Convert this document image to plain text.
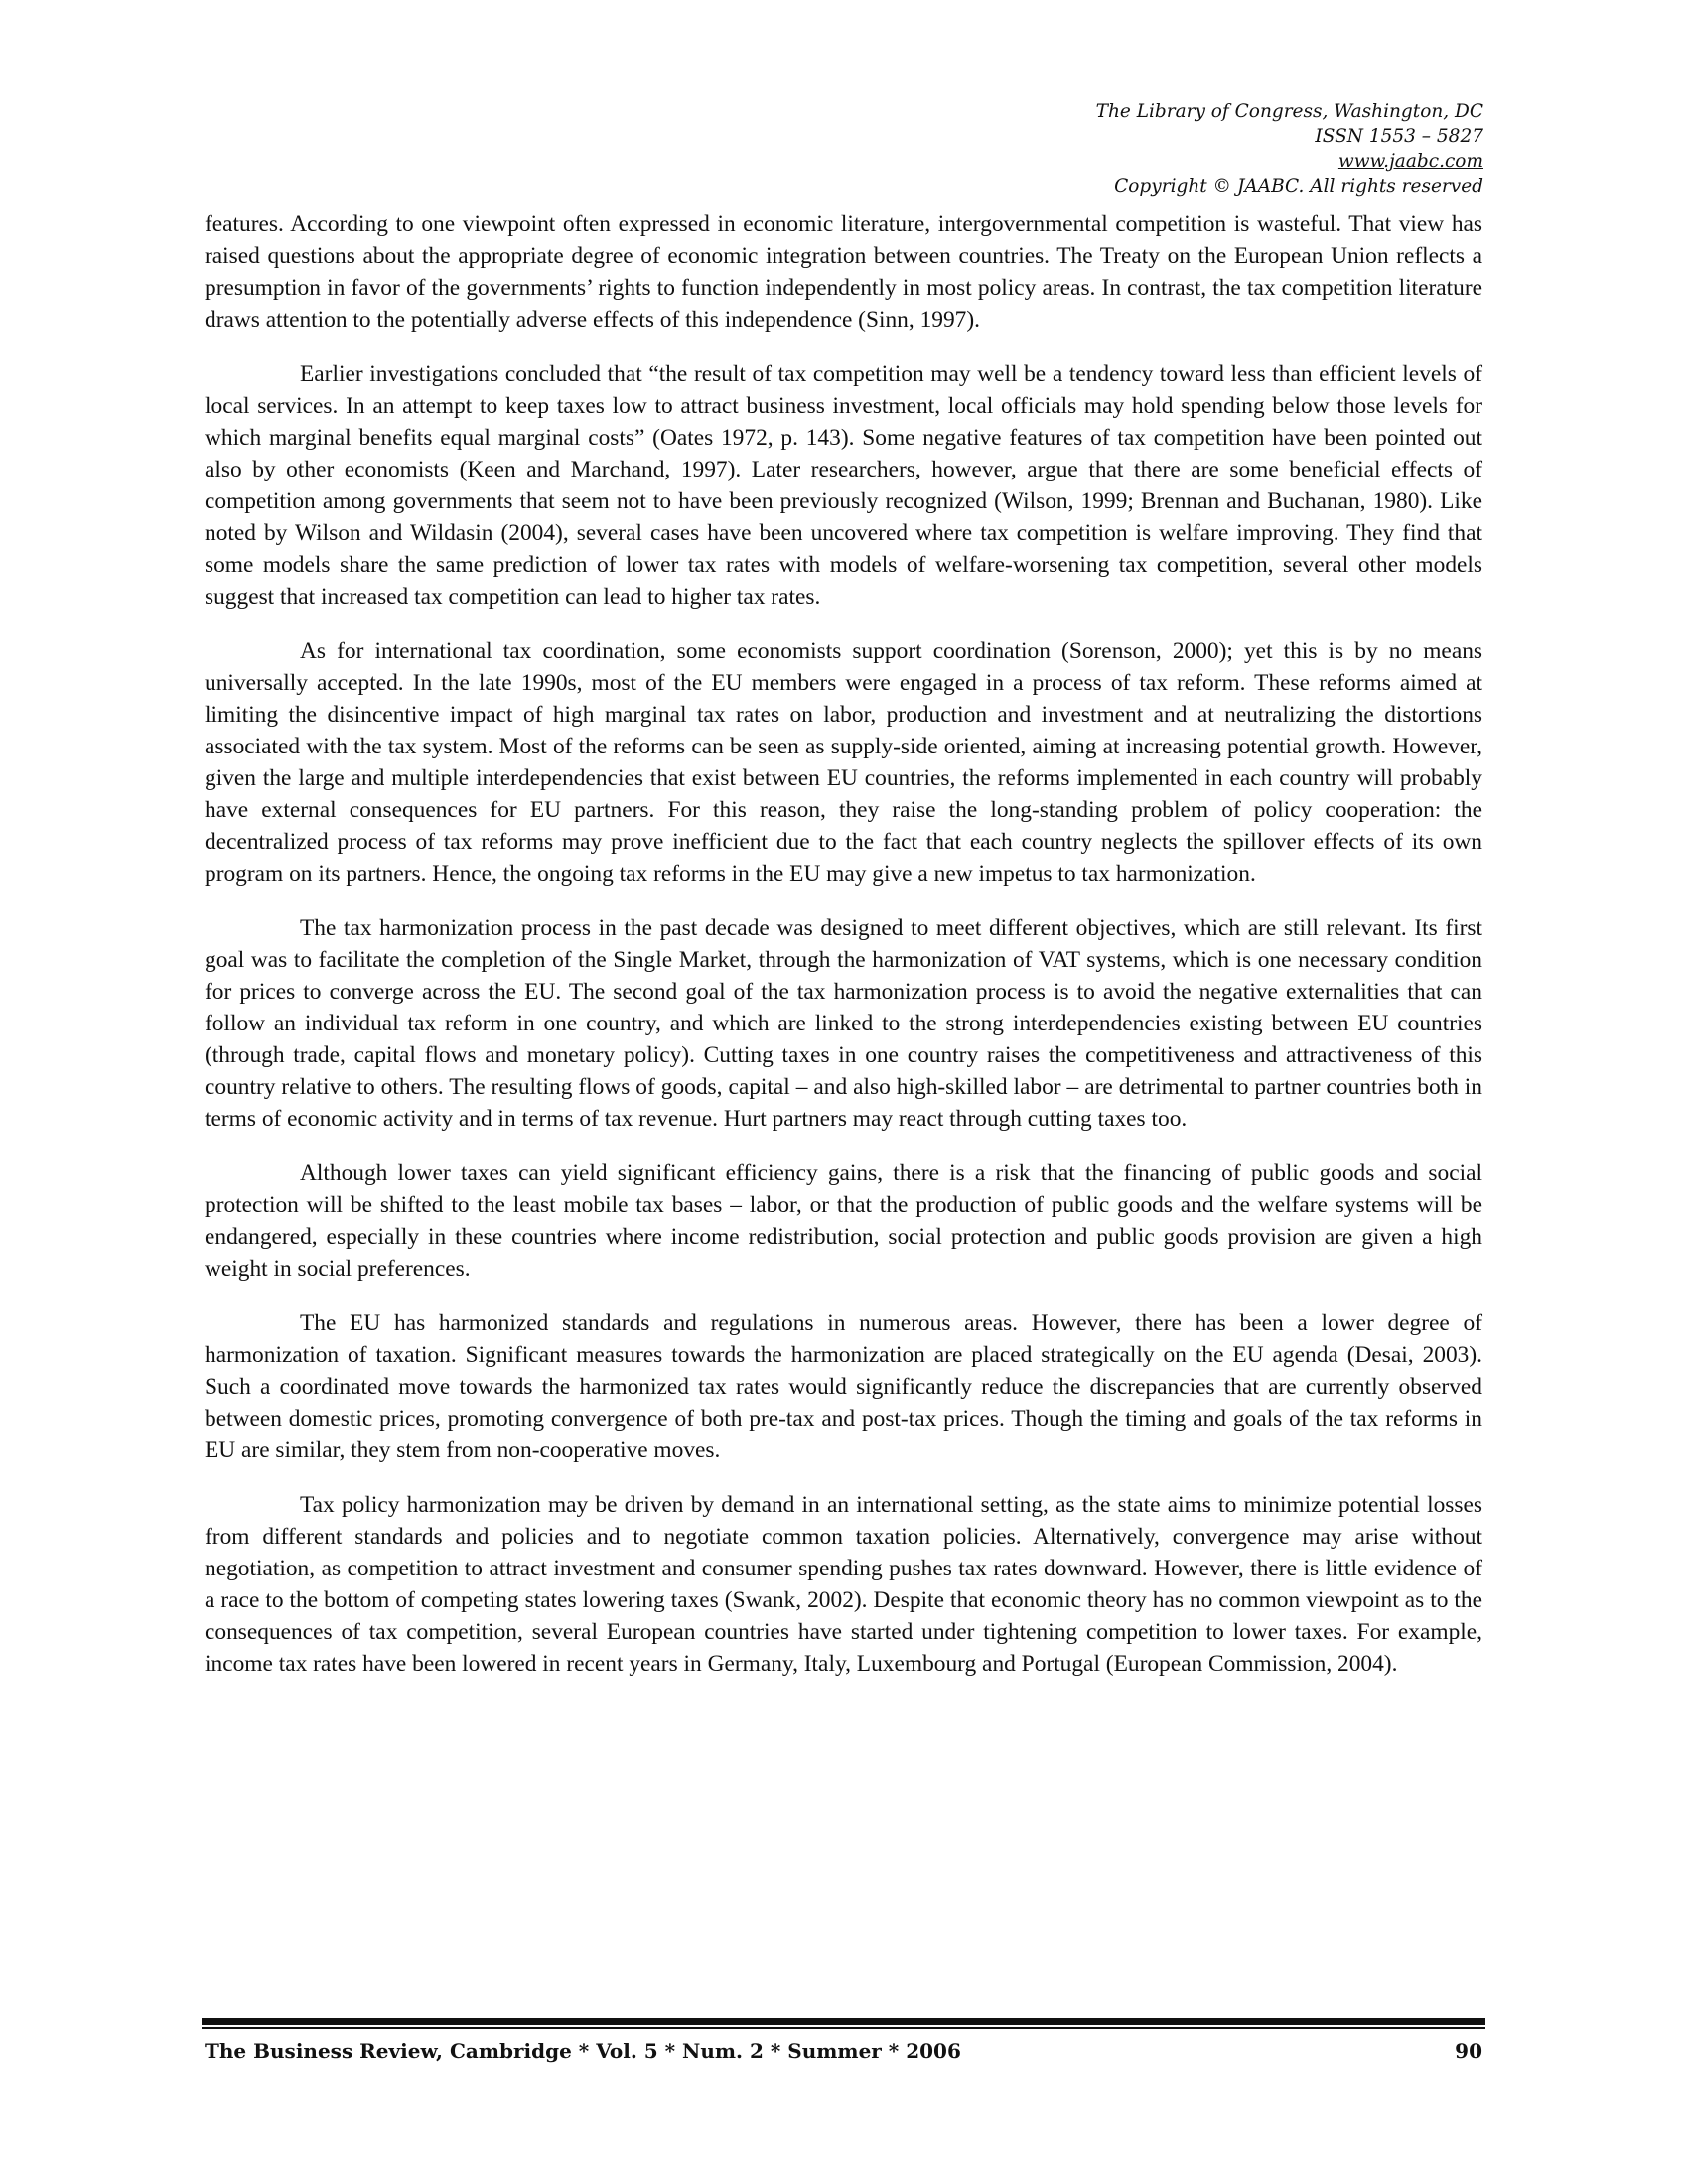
The Library of Congress, Washington, DC
ISSN 1553 – 5827
www.jaabc.com
Copyright © JAABC. All rights reserved

features. According to one viewpoint often expressed in economic literature, intergovernmental competition is wasteful. That view has raised questions about the appropriate degree of economic integration between countries. The Treaty on the European Union reflects a presumption in favor of the governments’ rights to function independently in most policy areas. In contrast, the tax competition literature draws attention to the potentially adverse effects of this independence (Sinn, 1997).

Earlier investigations concluded that “the result of tax competition may well be a tendency toward less than efficient levels of local services. In an attempt to keep taxes low to attract business investment, local officials may hold spending below those levels for which marginal benefits equal marginal costs” (Oates 1972, p. 143). Some negative features of tax competition have been pointed out also by other economists (Keen and Marchand, 1997). Later researchers, however, argue that there are some beneficial effects of competition among governments that seem not to have been previously recognized (Wilson, 1999; Brennan and Buchanan, 1980). Like noted by Wilson and Wildasin (2004), several cases have been uncovered where tax competition is welfare improving. They find that some models share the same prediction of lower tax rates with models of welfare-worsening tax competition, several other models suggest that increased tax competition can lead to higher tax rates.

As for international tax coordination, some economists support coordination (Sorenson, 2000); yet this is by no means universally accepted. In the late 1990s, most of the EU members were engaged in a process of tax reform. These reforms aimed at limiting the disincentive impact of high marginal tax rates on labor, production and investment and at neutralizing the distortions associated with the tax system. Most of the reforms can be seen as supply-side oriented, aiming at increasing potential growth. However, given the large and multiple interdependencies that exist between EU countries, the reforms implemented in each country will probably have external consequences for EU partners. For this reason, they raise the long-standing problem of policy cooperation: the decentralized process of tax reforms may prove inefficient due to the fact that each country neglects the spillover effects of its own program on its partners. Hence, the ongoing tax reforms in the EU may give a new impetus to tax harmonization.

The tax harmonization process in the past decade was designed to meet different objectives, which are still relevant. Its first goal was to facilitate the completion of the Single Market, through the harmonization of VAT systems, which is one necessary condition for prices to converge across the EU. The second goal of the tax harmonization process is to avoid the negative externalities that can follow an individual tax reform in one country, and which are linked to the strong interdependencies existing between EU countries (through trade, capital flows and monetary policy). Cutting taxes in one country raises the competitiveness and attractiveness of this country relative to others. The resulting flows of goods, capital – and also high-skilled labor – are detrimental to partner countries both in terms of economic activity and in terms of tax revenue. Hurt partners may react through cutting taxes too.

Although lower taxes can yield significant efficiency gains, there is a risk that the financing of public goods and social protection will be shifted to the least mobile tax bases – labor, or that the production of public goods and the welfare systems will be endangered, especially in these countries where income redistribution, social protection and public goods provision are given a high weight in social preferences.

The EU has harmonized standards and regulations in numerous areas. However, there has been a lower degree of harmonization of taxation. Significant measures towards the harmonization are placed strategically on the EU agenda (Desai, 2003). Such a coordinated move towards the harmonized tax rates would significantly reduce the discrepancies that are currently observed between domestic prices, promoting convergence of both pre-tax and post-tax prices. Though the timing and goals of the tax reforms in EU are similar, they stem from non-cooperative moves.

Tax policy harmonization may be driven by demand in an international setting, as the state aims to minimize potential losses from different standards and policies and to negotiate common taxation policies. Alternatively, convergence may arise without negotiation, as competition to attract investment and consumer spending pushes tax rates downward. However, there is little evidence of a race to the bottom of competing states lowering taxes (Swank, 2002). Despite that economic theory has no common viewpoint as to the consequences of tax competition, several European countries have started under tightening competition to lower taxes. For example, income tax rates have been lowered in recent years in Germany, Italy, Luxembourg and Portugal (European Commission, 2004).

The Business Review, Cambridge * Vol. 5 * Num. 2 * Summer * 2006	90
